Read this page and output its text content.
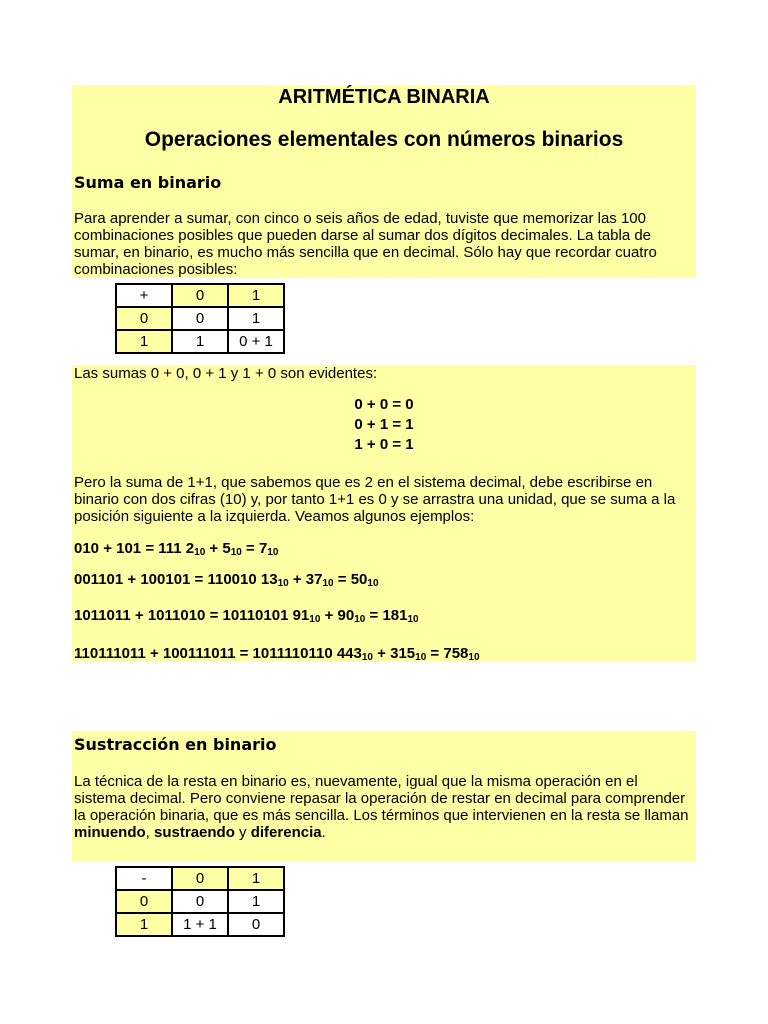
ARITMÉTICA BINARIA
Operaciones elementales con números binarios
Suma en binario

Para aprender a sumar, con cinco o seis años de edad, tuviste que memorizar las 100 combinaciones posibles que pueden darse al sumar dos dígitos decimales. La tabla de sumar, en binario, es mucho más sencilla que en decimal. Sólo hay que recordar cuatro combinaciones posibles:

+	0	1
0	0	1
1	1	0 + 1

Las sumas 0 + 0, 0 + 1 y 1 + 0 son evidentes:

0 + 0 = 0

0 + 1 = 1

1 + 0 = 1

Pero la suma de 1+1, que sabemos que es 2 en el sistema decimal, debe escribirse en binario con dos cifras (10) y, por tanto 1+1 es 0 y se arrastra una unidad, que se suma a la posición siguiente a la izquierda. Veamos algunos ejemplos:

010 + 101 = 111 $2_{10} + 5_{10} = 7_{10}$

001101 + 100101 = 110010 $13_{10} + 37_{10} = 50_{10}$

1011011 + 1011010 = 10110101 $91_{10} + 90_{10} = 181_{10}$

110111011 + 100111011 = 1011110110 $443_{10} + 315_{10} = 758_{10}$

Sustracción en binario

La técnica de la resta en binario es, nuevamente, igual que la misma operación en el sistema decimal. Pero conviene repasar la operación de restar en decimal para comprender la operación binaria, que es más sencilla. Los términos que intervienen en la resta se llaman minuendo, sustraendo y diferencia.

-	0	1
0	0	1
1	1 + 1	0
